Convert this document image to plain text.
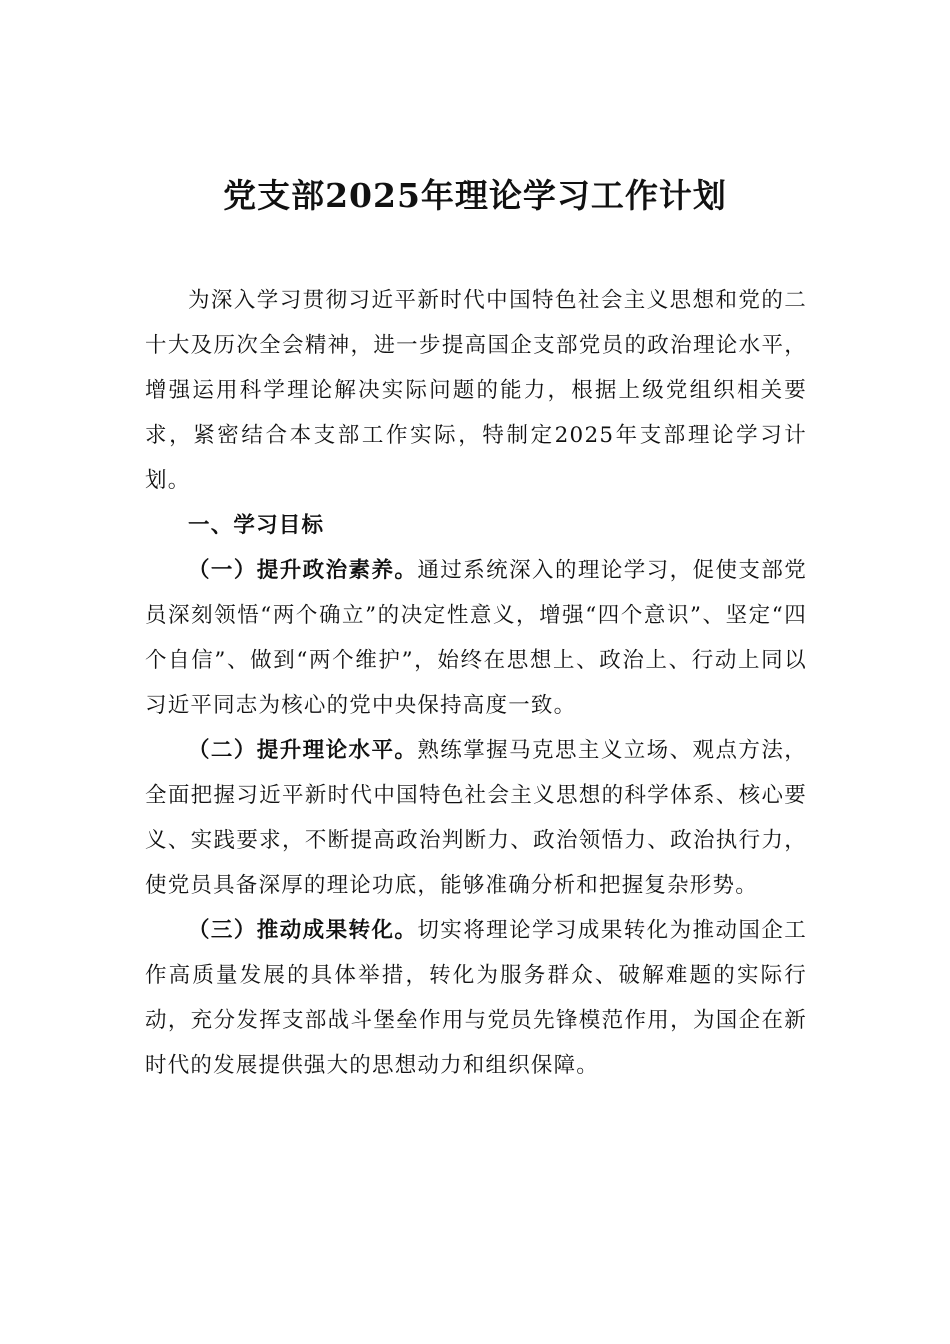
党支部2025年理论学习工作计划

为深入学习贯彻习近平新时代中国特色社会主义思想和党的二十大及历次全会精神，进一步提高国企支部党员的政治理论水平，增强运用科学理论解决实际问题的能力，根据上级党组织相关要求，紧密结合本支部工作实际，特制定2025年支部理论学习计划。

一、学习目标

（一）提升政治素养。通过系统深入的理论学习，促使支部党员深刻领悟“两个确立”的决定性意义，增强“四个意识”、坚定“四个自信”、做到“两个维护”，始终在思想上、政治上、行动上同以习近平同志为核心的党中央保持高度一致。

（二）提升理论水平。熟练掌握马克思主义立场、观点方法，全面把握习近平新时代中国特色社会主义思想的科学体系、核心要义、实践要求，不断提高政治判断力、政治领悟力、政治执行力，使党员具备深厚的理论功底，能够准确分析和把握复杂形势。

（三）推动成果转化。切实将理论学习成果转化为推动国企工作高质量发展的具体举措，转化为服务群众、破解难题的实际行动，充分发挥支部战斗堡垒作用与党员先锋模范作用，为国企在新时代的发展提供强大的思想动力和组织保障。
